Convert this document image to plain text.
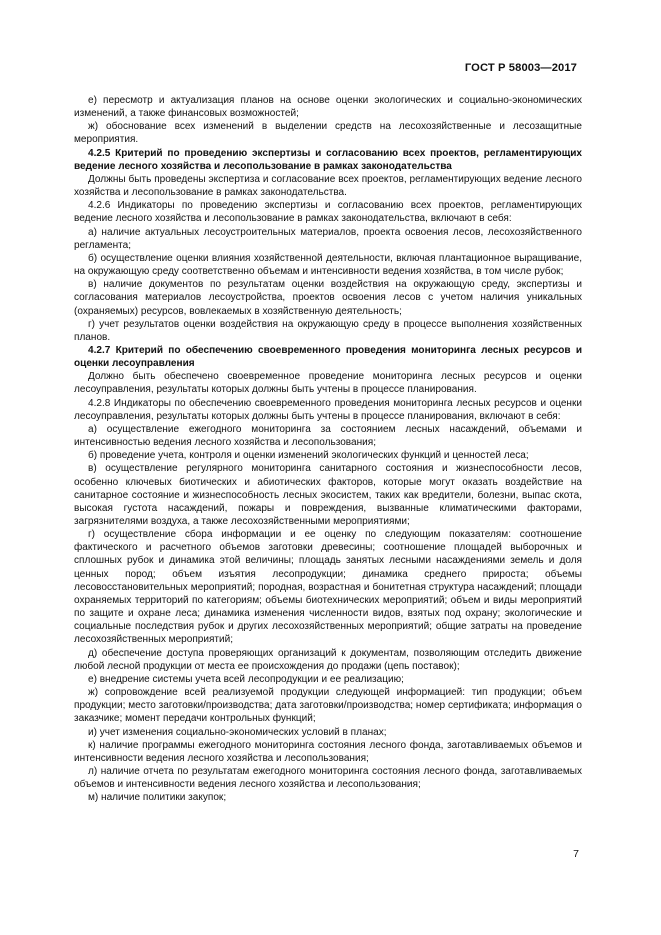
ГОСТ Р 58003—2017

е) пересмотр и актуализация планов на основе оценки экологических и социально-экономических изменений, а также финансовых возможностей;

ж) обоснование всех изменений в выделении средств на лесохозяйственные и лесозащитные мероприятия.

4.2.5 Критерий по проведению экспертизы и согласованию всех проектов, регламентирующих ведение лесного хозяйства и лесопользование в рамках законодательства

Должны быть проведены экспертиза и согласование всех проектов, регламентирующих ведение лесного хозяйства и лесопользование в рамках законодательства.

4.2.6 Индикаторы по проведению экспертизы и согласованию всех проектов, регламентирующих ведение лесного хозяйства и лесопользование в рамках законодательства, включают в себя:

а) наличие актуальных лесоустроительных материалов, проекта освоения лесов, лесохозяйственного регламента;

б) осуществление оценки влияния хозяйственной деятельности, включая плантационное выращивание, на окружающую среду соответственно объемам и интенсивности ведения хозяйства, в том числе рубок;

в) наличие документов по результатам оценки воздействия на окружающую среду, экспертизы и согласования материалов лесоустройства, проектов освоения лесов с учетом наличия уникальных (охраняемых) ресурсов, вовлекаемых в хозяйственную деятельность;

г) учет результатов оценки воздействия на окружающую среду в процессе выполнения хозяйственных планов.

4.2.7 Критерий по обеспечению своевременного проведения мониторинга лесных ресурсов и оценки лесоуправления

Должно быть обеспечено своевременное проведение мониторинга лесных ресурсов и оценки лесоуправления, результаты которых должны быть учтены в процессе планирования.

4.2.8 Индикаторы по обеспечению своевременного проведения мониторинга лесных ресурсов и оценки лесоуправления, результаты которых должны быть учтены в процессе планирования, включают в себя:

а) осуществление ежегодного мониторинга за состоянием лесных насаждений, объемами и интенсивностью ведения лесного хозяйства и лесопользования;

б) проведение учета, контроля и оценки изменений экологических функций и ценностей леса;

в) осуществление регулярного мониторинга санитарного состояния и жизнеспособности лесов, особенно ключевых биотических и абиотических факторов, которые могут оказать воздействие на санитарное состояние и жизнеспособность лесных экосистем, таких как вредители, болезни, выпас скота, высокая густота насаждений, пожары и повреждения, вызванные климатическими факторами, загрязнителями воздуха, а также лесохозяйственными мероприятиями;

г) осуществление сбора информации и ее оценку по следующим показателям: соотношение фактического и расчетного объемов заготовки древесины; соотношение площадей выборочных и сплошных рубок и динамика этой величины; площадь занятых лесными насаждениями земель и доля ценных пород; объем изъятия лесопродукции; динамика среднего прироста; объемы лесовосстановительных мероприятий; породная, возрастная и бонитетная структура насаждений; площади охраняемых территорий по категориям; объемы биотехнических мероприятий; объем и виды мероприятий по защите и охране леса; динамика изменения численности видов, взятых под охрану; экологические и социальные последствия рубок и других лесохозяйственных мероприятий; общие затраты на проведение лесохозяйственных мероприятий;

д) обеспечение доступа проверяющих организаций к документам, позволяющим отследить движение любой лесной продукции от места ее происхождения до продажи (цепь поставок);

е) внедрение системы учета всей лесопродукции и ее реализацию;

ж) сопровождение всей реализуемой продукции следующей информацией: тип продукции; объем продукции; место заготовки/производства; дата заготовки/производства; номер сертификата; информация о заказчике; момент передачи контрольных функций;

и) учет изменения социально-экономических условий в планах;

к) наличие программы ежегодного мониторинга состояния лесного фонда, заготавливаемых объемов и интенсивности ведения лесного хозяйства и лесопользования;

л) наличие отчета по результатам ежегодного мониторинга состояния лесного фонда, заготавливаемых объемов и интенсивности ведения лесного хозяйства и лесопользования;

м) наличие политики закупок;

7
